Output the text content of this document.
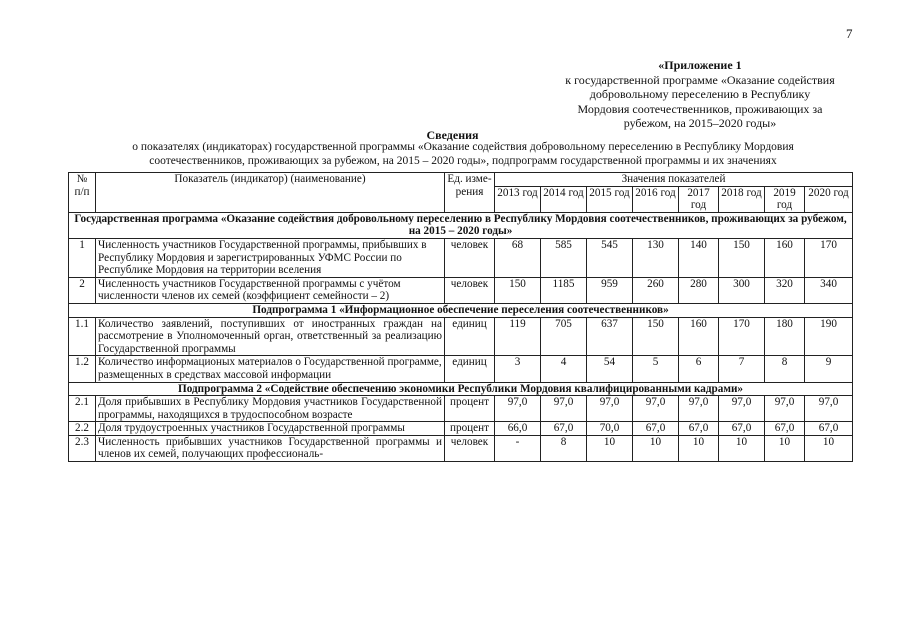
7
«Приложение 1
к государственной программе «Оказание содействия
добровольному переселению в Республику
Мордовия соотечественников, проживающих за
рубежом, на 2015–2020 годы»
Сведения
о показателях (индикаторах) государственной программы «Оказание содействия добровольному переселению в Республику Мордовия
соотечественников, проживающих за рубежом, на 2015 – 2020 годы», подпрограмм государственной программы и их значениях
№ п/п	Показатель (индикатор) (наименование)	Ед. изме- рения	Значения показателей							
			2013 год	2014 год	2015 год	2016 год	2017 год	2018 год	2019 год	2020 год
Государственная программа «Оказание содействия добровольному переселению в Республику Мордовия соотечественников, проживающих за рубежом, на 2015 – 2020 годы»										
1	Численность участников Государственной программы, прибывших в Республику Мордовия и зарегистрированных УФМС России по Республике Мордовия на территории вселения	человек	68	585	545	130	140	150	160	170
2	Численность участников Государственной программы с учётом численности членов их семей (коэффициент семейности – 2)	человек	150	1185	959	260	280	300	320	340
Подпрограмма 1 «Информационное обеспечение переселения соотечественников»										
1.1	Количество заявлений, поступивших от иностранных граждан на рассмотрение в Уполномоченный орган, ответственный за реализацию Государственной программы	единиц	119	705	637	150	160	170	180	190
1.2	Количество информационых материалов о Государственной программе, размещенных в средствах массовой информации	единиц	3	4	54	5	6	7	8	9
Подпрограмма 2 «Содействие обеспечению экономики Республики Мордовия квалифицированными кадрами»										
2.1	Доля прибывших в Республику Мордовия участников Государственной программы, находящихся в трудоспособном возрасте	процент	97,0	97,0	97,0	97,0	97,0	97,0	97,0	97,0
2.2	Доля трудоустроенных участников Государственной программы	процент	66,0	67,0	70,0	67,0	67,0	67,0	67,0	67,0
2.3	Численность прибывших участников Государственной программы и членов их семей, получающих профессиональ-	человек	-	8	10	10	10	10	10	10
